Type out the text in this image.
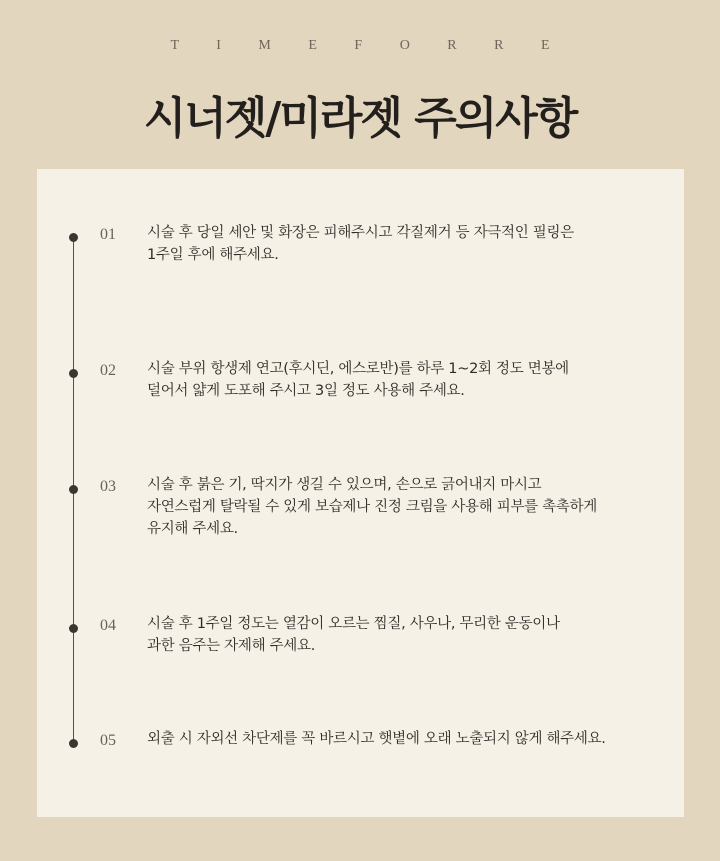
T I M E F O R R E
시너젯/미라젯 주의사항
01 시술 후 당일 세안 및 화장은 피해주시고 각질제거 등 자극적인 필링은
1주일 후에 해주세요.
02 시술 부위 항생제 연고(후시딘, 에스로반)를 하루 1~2회 정도 면봉에
덜어서 얇게 도포해 주시고 3일 정도 사용해 주세요.
03 시술 후 붉은 기, 딱지가 생길 수 있으며, 손으로 긁어내지 마시고
자연스럽게 탈락될 수 있게 보습제나 진정 크림을 사용해 피부를 촉촉하게
유지해 주세요.
04 시술 후 1주일 정도는 열감이 오르는 찜질, 사우나, 무리한 운동이나
과한 음주는 자제해 주세요.
05 외출 시 자외선 차단제를 꼭 바르시고 햇볕에 오래 노출되지 않게 해주세요.
